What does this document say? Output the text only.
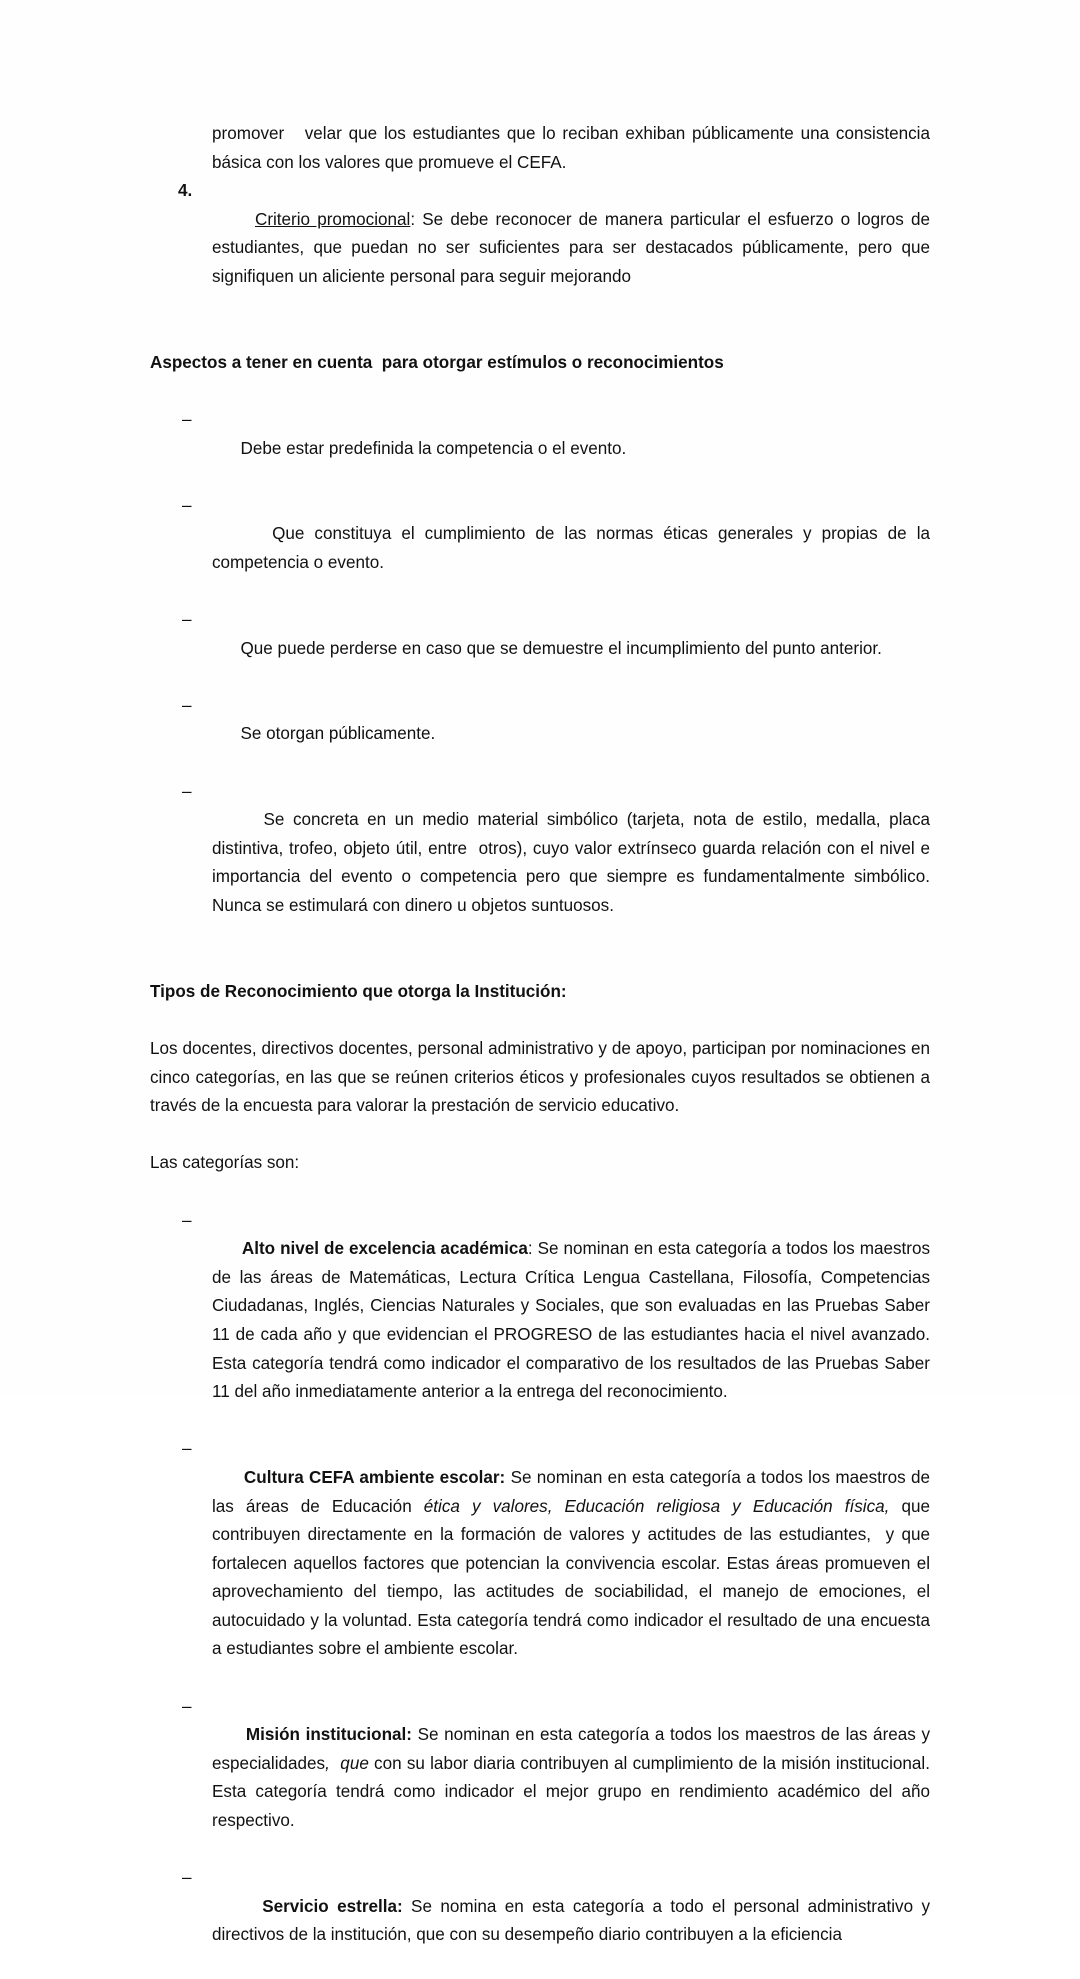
promover   velar que los estudiantes que lo reciban exhiban públicamente una consistencia básica con los valores que promueve el CEFA.

4.
Criterio promocional: Se debe reconocer de manera particular el esfuerzo o logros de estudiantes, que puedan no ser suficientes para ser destacados públicamente, pero que signifiquen un aliciente personal para seguir mejorando

Aspectos a tener en cuenta  para otorgar estímulos o reconocimientos

–
Debe estar predefinida la competencia o el evento.

–
Que constituya el cumplimiento de las normas éticas generales y propias de la competencia o evento.

–
Que puede perderse en caso que se demuestre el incumplimiento del punto anterior.

–
Se otorgan públicamente.

–
Se concreta en un medio material simbólico (tarjeta, nota de estilo, medalla, placa distintiva, trofeo, objeto útil, entre  otros), cuyo valor extrínseco guarda relación con el nivel e importancia del evento o competencia pero que siempre es fundamentalmente simbólico. Nunca se estimulará con dinero u objetos suntuosos.

Tipos de Reconocimiento que otorga la Institución:
Los docentes, directivos docentes, personal administrativo y de apoyo, participan por nominaciones en  cinco categorías, en las que se reúnen criterios éticos y profesionales cuyos resultados se obtienen a través de la encuesta para valorar la prestación de servicio educativo.
Las categorías son:

–
Alto nivel de excelencia académica: Se nominan en esta categoría a todos los maestros de las áreas de Matemáticas, Lectura Crítica Lengua Castellana, Filosofía, Competencias Ciudadanas, Inglés, Ciencias Naturales y Sociales, que son evaluadas en las Pruebas Saber 11 de cada año y que evidencian el PROGRESO de las estudiantes hacia el nivel avanzado. Esta categoría tendrá como indicador el comparativo de los resultados de las Pruebas Saber 11 del año inmediatamente anterior a la entrega del reconocimiento.

–
Cultura CEFA ambiente escolar: Se nominan en esta categoría a todos los maestros de las áreas de Educación ética y valores, Educación religiosa y Educación física, que contribuyen directamente en la formación de valores y actitudes de las estudiantes,  y que fortalecen aquellos factores que potencian la convivencia escolar. Estas áreas promueven el aprovechamiento del tiempo, las actitudes de sociabilidad, el manejo de emociones, el autocuidado y la voluntad. Esta categoría tendrá como indicador el resultado de una encuesta a estudiantes sobre el ambiente escolar.

–
Misión institucional: Se nominan en esta categoría a todos los maestros de las áreas y especialidades,  que con su labor diaria contribuyen al cumplimiento de la misión institucional.  Esta categoría tendrá como indicador el mejor grupo en rendimiento académico del año respectivo.

–
Servicio estrella: Se nomina en esta categoría a todo el personal administrativo y directivos de la institución, que con su desempeño diario contribuyen a la eficiencia
